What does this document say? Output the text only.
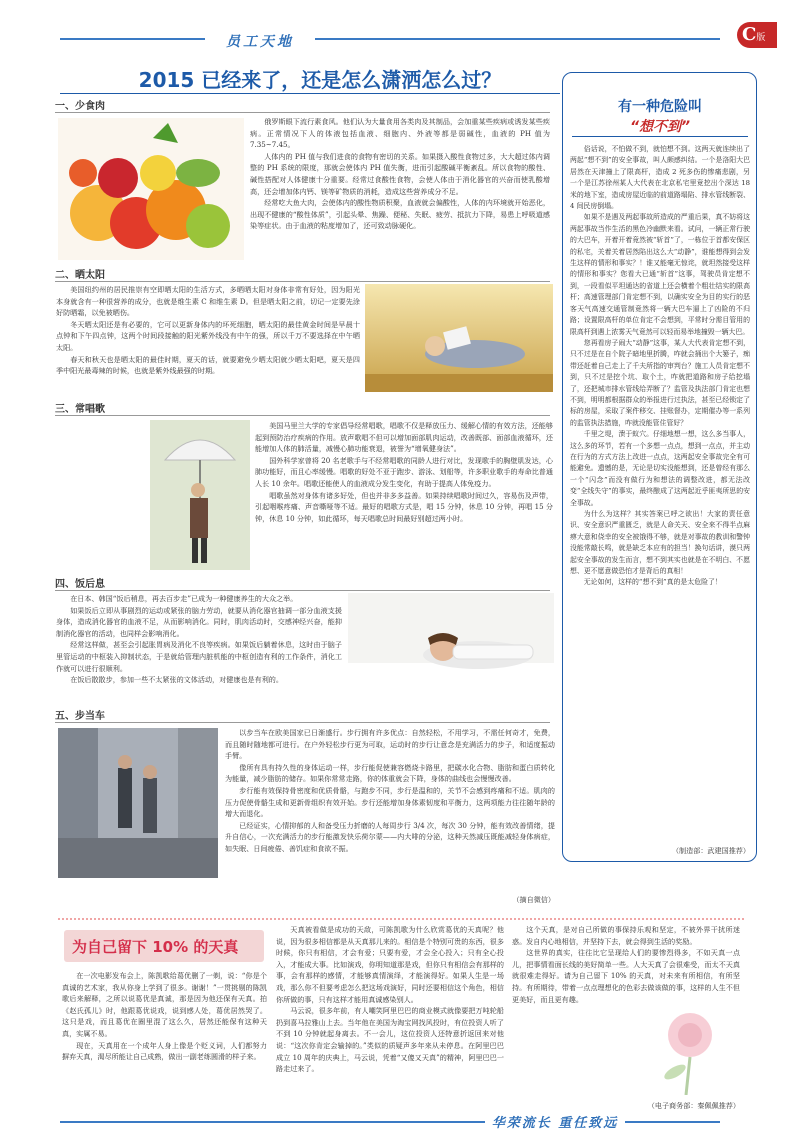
员工天地	C版
2015 已经来了，还是怎么潇洒怎么过？
一、少食肉

俄罗斯眼下流行素食风。他们认为大量食用各类肉及其制品，会加重某些疾病或诱发某些疾病。正常情况下人的体液包括血液、细胞内、外液等都是弱碱性，血液的 PH 值为 7.35~7.45。

人体内的 PH 值与我们进食的食物有密切的关系。如果摄入酸性食物过多，大大超过体内调整的 PH 系统的限度，那就会使体内 PH 值失衡，进而引起酸碱平衡紊乱。所以食物的酸性、碱性搭配对人体健康十分重要。经常过食酸性食物，会使人体由于消化器官的兴奋而使乳酸增高，还会增加体内钙、镁等矿物质的消耗，造成这些营养成分不足。

经常吃大鱼大肉，会使体内的酸性物质积聚，血液就会偏酸性，人体的内环境就开始恶化，出现不健康的“酸性体质”，引起头晕、焦躁、便秘、失眠、疲劳、抵抗力下降，易患上呼吸道感染等症状。由于血液的粘度增加了，还可致动脉硬化。

二、晒太阳

美国纽约州的居民推崇有空即晒太阳的生活方式，多晒晒太阳对身体非常有好处，因为阳光本身就含有一种很营养的成分，也就是维生素 C 和维生素 D。但是晒太阳之前，切记一定要先涂好防晒霜，以免被晒伤。

冬天晒太阳还是有必要的，它可以更新身体内的坏死细胞，晒太阳的最佳黄金时间是早晨十点钟和下午四点钟，这两个时间段接触的阳光紫外线没有中午的强，所以千万不要选择在中午晒太阳。

春天和秋天也是晒太阳的最佳时期，夏天的话，就要避免少晒太阳就少晒太阳吧，夏天是四季中阳光最毒辣的时候，也就是紫外线最强的时期。

三、常唱歌

美国马里兰大学的专家倡导经常唱歌，唱歌不仅是释放压力、缓解心情的有效方法，还能够起到预防治疗疾病的作用。放声歌唱不但可以增加面部肌肉运动，改善既部、面部血液循环，还能增加人体的肺活量，减慢心肺功能衰退，被誉为“增氧健身法”。

国外科学家曾将 20 名老歌手与不经常唱歌的同龄人进行对比，发现歌手的胸壁肌发达，心肺功能好，而且心率缓慢。唱歌的好处不亚于跑步、游泳、划船等，许多职业歌手的寿命比普通人长 10 余年。唱歌还能使人的血液成分发生变化，有助于提高人体免疫力。

唱歌虽然对身体有诸多好处，但也并非多多益善。如果持续唱歌时间过久，容易伤及声带，引起咽喉疼痛、声音嘶哑等不适。最好的唱歌方式是，唱 15 分钟，休息 10 分钟，再唱 15 分钟，休息 10 分钟，如此循环，每天唱歌总时间最好别超过两小时。

四、饭后息

在日本、韩国“饭后稍息，再去百步走”已成为一种健康养生的大众之举。

如果饭后立即从事剧烈的运动或紧张的脑力劳动，就要从消化器官抽调一部分血液支援身体，造成消化器官的血液不足，从而影响消化。同时，肌肉活动时，交感神经兴奋，能抑制消化器官的活动，也同样会影响消化。

经常这样做，甚至会引起胀胃病及消化不良等疾病。如果饭后躺着休息，这时由于脑子里管运动的中枢装入抑制状态，于是就给管理内脏机能的中枢创造有利的工作条件，消化工作就可以进行很顺利。

在饭后散散步，参加一些不太紧张的文体活动，对健康也是有利的。

五、步当车

以步当车在欧美国家已日渐盛行。步行拥有许多优点：自然轻松，不用学习，不需任何奇才，免费，而且随时随地都可进行。在户外轻松步行更为可取，运动时的步行让意念是充满活力的步子，和适度振动手臂。

像所有具有持久性的身体运动一样，步行能促使兼容燃烧卡路里，把碳水化合物、脂肪和蛋白质转化为能量，减少脂肪的储存。如果你常常走路，你的体重就会下降，身体的曲线也会慢慢改善。

步行能有效保持骨密度和优质骨骼，与跑步不同，步行是温和的，关节不会感到疼痛和不适。肌肉的压力促使骨骼生成和更新骨组织有效开始。步行还能增加身体素韧度和平衡力，这两项能力往往随年龄的增大而退化。

已经证实，心情抑郁的人和备受压力折磨的人每周步行 3/4 次，每次 30 分钟，能有效改善情绪，提升自信心，一次充满活力的步行能激发快乐荷尔蒙——内大啡的分泌，这种天然减压既能减轻身体病症，如失眠、日间疲倦、善饥症和食欲不振。

（摘自微信）
有一种危险叫
“想不到”

俗话说，不怕做不到，就怕想不到。这两天就连续出了两起“想不到”的安全事故，叫人颇感纠结。一个是洛阳大巴居然在天津撞上了限高杆，造成 2 死多伤的惨痛悲剧，另一个是江苏徐州某人大代表在北京私宅里竟挖出个深达 18 米的地下室，造成房屋近临的前道路塌陷、排水管线断裂、4 间民房倒塌。

如果不是遇及两起事故所造成的严重后果，真不妨将这两起事故当作生活的黑色冷幽默来看。试问，一辆正常行驶的大巴车，开着开着竟然被“斩首”了，一栋位于首都安保区的私宅，关着关着居然陷出这么大“动静”，谁能想得到会发生这样的情形和事实？！谁又能毫无惊诧，就坦然接受这样的情形和事实？您看大已通“斩首”这事，驾驶员肯定想不到，一段看似平坦通达的省道上还会横着个粗壮结实的限高杆；高速管理部门肯定想不到，以确实安全为目的实行的恶客天气高速交通管制竟然将一辆大巴车逼上了凶险的不归路；设置限高杆的单位肯定不会想到，平常时分需目管用的限高杆到遇上浓雾天气竟然可以轻而易举地撞毁一辆大巴。

您再看房子闹大“动静”这事，某人大代表肯定想不到，只不过是在自个院子暗地里折腾，咋就会捅出个大篓子，痴带还赶着自己走上了千夫所指的审判台？施工人员肯定想不到，只不过是挖个坑、取个土，咋就把道路和房子给挖塌了，还把城市排水管线给弄断了？监管及执法部门肯定也想不到，明明都根据群众的举报进行过执法，甚至已经锁定了标的房屋，采取了案件移交、挂账督办，定期催办等一系列的监管执法措施，咋就没能管住管好？

千里之堤，溃于蚁穴。仔细地想一想，这么多当事人，这么多的环节，若有一个多想一点点，想到一点点，并主动在行为的方式方法上改进一点点，这两起安全事故完全有可能避免。遗憾的是，无论是切实没能想到，还是曾经有那么一个“闪念”而没有做行为和想法的调整改进，都无法改变“全线失守”的事实，最终酿成了这两起近乎匪夷所思的安全事故。

为什么为这样？其实答案已呼之欲出！大家的责任意识、安全意识严重匮乏，就是人命关天、安全来不得半点麻痹大意和侥幸的安全被饿得不够，就是对事故的教训和警钟没能常敲长鸣，就是缺乏本应有的担当！换句话讲，漠只两起安全事故的发生而言，想不到其实也就是在不明白、不愿想、更不愿意做恐怕才是背后的真相！

无论如何，这样的“想不到”真的是太危险了！

（制造部：武建国推荐）
为自己留下 10% 的天真

在一次电影发布会上，陈凯歌给葛优删了一剃，说：“你是个真诚的艺术家，我从你身上学到了很多。谢谢！”一贯挑剔的陈凯歌后来解释，之所以说葛优是真诚，那是因为他还保有天真。拍《赵氏孤儿》时，他跟葛优说戏，说到感人处，葛优居然哭了。这只是戏，而且葛优在圈里混了这么久，居然还能保有这种天真，实属不易。

现在，天真用在一个成年人身上像是个贬义词，人们都努力摒弃天真，渴尽所能让自己成熟，做出一副老练圆滑的样子来。

天真被看做是成功的天敌，可陈凯歌为什么欣赏葛优的天真呢？他说，因为很多相信都是从天真那儿来的。相信是个特别可贵的东西，很多时候，你只有相信，才会有爱；只要有爱，才会全心投入；只有全心投入，才能成大事。比如演戏，你明知道那是戏，但你只有相信会有那样的事，会有那样的感情，才能够真情演绎，才能演得好。如果人生是一场戏，那么你不但要考虑怎么把这场戏演好，同时还要相信这个角色，相信你所做的事，只有这样才能用真诚感染别人。

马云说，很多年前，有人嘲笑阿里巴巴的商业模式就像要把万吨轮船扔到喜马拉雅山上去。当年他在美国为淘宝网找风投时，有位投资人听了不到 10 分钟就起身离去。不一会儿，这位投资人还特意折返回来对他说：“这次你肯定会输掉的。”类似的质疑声多年来从未停息。在阿里巴巴成立 10 周年的庆典上，马云说，凭着“又傻又天真”的精神，阿里巴巴一路走过来了。

这个天真，是对自己所做的事保持乐观和坚定，不被外界干扰所迷惑。发自内心地相信，并坚持下去，就会得到生活的奖励。

这世界的真实，往往比它呈现给人们的要惨烈得多，不如天真一点儿，把事情看面长线的美好简单一些。人大天真了会很难受，而太不天真就很难走得好。请为自己留下 10% 的天真，对未来有所相信，有所坚持。有所期待，带着一点点理想化的色彩去做该做的事，这样的人生不但更美好，而且更有趣。

（电子商务部：秦佩佩推荐）
华荣流长 重任致远
